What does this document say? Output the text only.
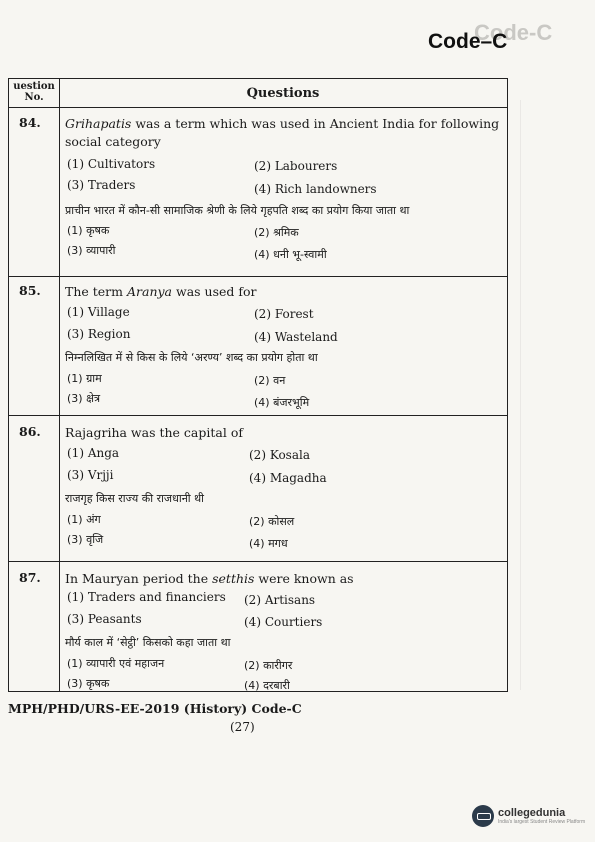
Code-C
Code–C
uestion
No.	Questions
84.	Grihapatis was a term which was used in Ancient India for following social category
(1) Cultivators	(2) Labourers
(3) Traders	(4) Rich landowners
प्राचीन भारत में कौन-सी सामाजिक श्रेणी के लिये गृहपति शब्द का प्रयोग किया जाता था
(1) कृषक	(2) श्रमिक
(3) व्यापारी	(4) धनी भू-स्वामी
85.	The term Aranya was used for
(1) Village	(2) Forest
(3) Region	(4) Wasteland
निम्नलिखित में से किस के लिये ‘अरण्य’ शब्द का प्रयोग होता था
(1) ग्राम	(2) वन
(3) क्षेत्र	(4) बंजरभूमि
86.	Rajagriha was the capital of
(1) Anga	(2) Kosala
(3) Vrjji	(4) Magadha
राजगृह किस राज्य की राजधानी थी
(1) अंग	(2) कोसल
(3) वृजि	(4) मगध
87.	In Mauryan period the setthis were known as
(1) Traders and financiers (2) Artisans
(3) Peasants	(4) Courtiers
मौर्य काल में ‘सेट्ठी’ किसको कहा जाता था
(1) व्यापारी एवं महाजन	(2) कारीगर
(3) कृषक	(4) दरबारी
MPH/PHD/URS-EE-2019 (History) Code-C
(27)
collegedunia
India's largest Student Review Platform
